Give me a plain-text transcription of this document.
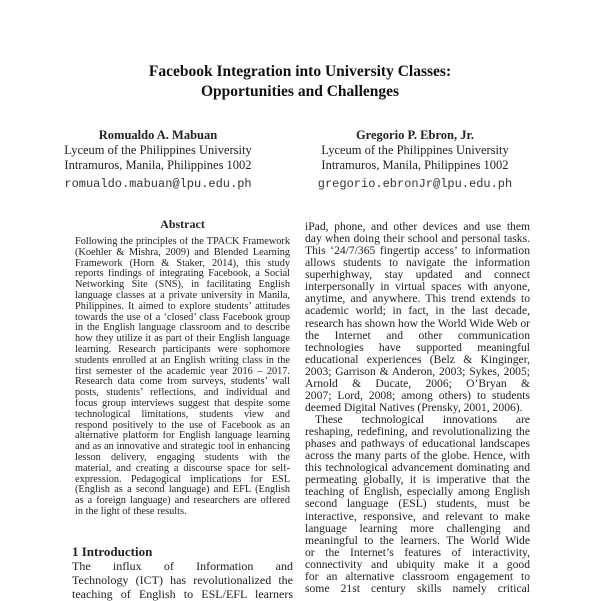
Facebook Integration into University Classes:
Opportunities and Challenges
Romualdo A. Mabuan
Lyceum of the Philippines University
Intramuros, Manila, Philippines 1002
romualdo.mabuan@lpu.edu.ph
Gregorio P. Ebron, Jr.
Lyceum of the Philippines University
Intramuros, Manila, Philippines 1002
gregorio.ebronJr@lpu.edu.ph
Abstract
Following the principles of the TPACK Framework
(Koehler & Mishra, 2009) and Blended Learning
Framework (Horn & Staker, 2014), this study
reports findings of integrating Facebook, a Social
Networking Site (SNS), in facilitating English
language classes at a private university in Manila,
Philippines. It aimed to explore students’ attitudes
towards the use of a ‘closed’ class Facebook group
in the English language classroom and to describe
how they utilize it as part of their English language
learning. Research participants were sophomore
students enrolled at an English writing class in the
first semester of the academic year 2016 – 2017.
Research data come from surveys, students’ wall
posts, students’ reflections, and individual and
focus group interviews suggest that despite some
technological limitations, students view and
respond positively to the use of Facebook as an
alternative platform for English language learning
and as an innovative and strategic tool in enhancing
lesson delivery, engaging students with the
material, and creating a discourse space for self-
expression. Pedagogical implications for ESL
(English as a second language) and EFL (English
as a foreign language) and researchers are offered
in the light of these results.
1 Introduction
The influx of Information and
Technology (ICT) has revolutionalized the
teaching of English to ESL/EFL learners
iPad, phone, and other devices and use them
day when doing their school and personal tasks.
This ‘24/7/365 fingertip access’ to information
allows students to navigate the information
superhighway, stay updated and connect
interpersonally in virtual spaces with anyone,
anytime, and anywhere. This trend extends to
academic world; in fact, in the last decade,
research has shown how the World Wide Web or
the Internet and other communication
technologies have supported meaningful
educational experiences (Belz & Kinginger,
2003; Garrison & Anderon, 2003; Sykes, 2005;
Arnold & Ducate, 2006; O’Bryan &
2007; Lord, 2008; among others) to students
deemed Digital Natives (Prensky, 2001, 2006).
These technological innovations are
reshaping, redefining, and revolutionalizing the
phases and pathways of educational landscapes
across the many parts of the globe. Hence, with
this technological advancement dominating and
permeating globally, it is imperative that the
teaching of English, especially among English
second language (ESL) students, must be
interactive, responsive, and relevant to make
language learning more challenging and
meaningful to the learners. The World Wide
or the Internet’s features of interactivity,
connectivity and ubiquity make it a good
for an alternative classroom engagement to
some 21st century skills namely critical
